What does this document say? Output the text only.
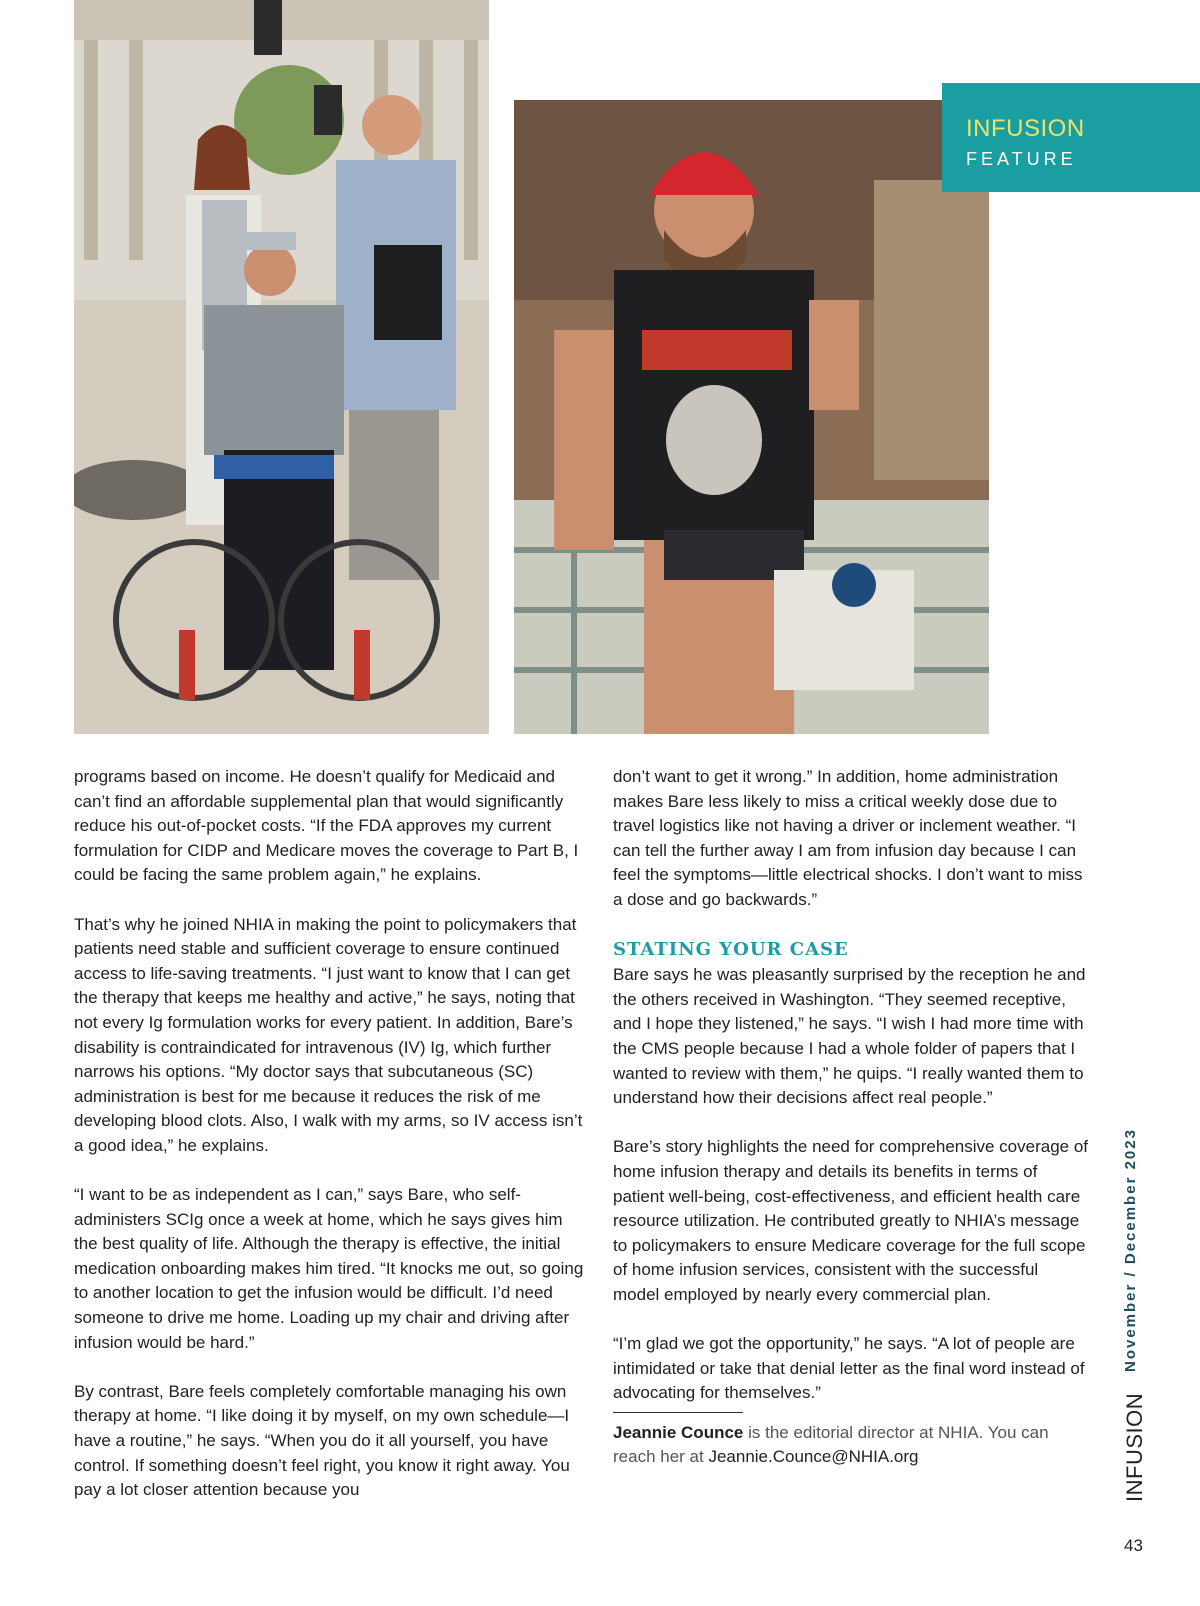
INFUSION
FEATURE

programs based on income. He doesn’t qualify for Medicaid and can’t find an affordable supplemental plan that would significantly reduce his out-of-pocket costs. “If the FDA approves my current formulation for CIDP and Medicare moves the coverage to Part B, I could be facing the same problem again,” he explains.

That’s why he joined NHIA in making the point to policymakers that patients need stable and sufficient coverage to ensure continued access to life-saving treatments. “I just want to know that I can get the therapy that keeps me healthy and active,” he says, noting that not every Ig formulation works for every patient. In addition, Bare’s disability is contraindicated for intravenous (IV) Ig, which further narrows his options. “My doctor says that subcutaneous (SC) administration is best for me because it reduces the risk of me developing blood clots. Also, I walk with my arms, so IV access isn’t a good idea,” he explains.

“I want to be as independent as I can,” says Bare, who self-administers SCIg once a week at home, which he says gives him the best quality of life. Although the therapy is effective, the initial medication onboarding makes him tired. “It knocks me out, so going to another location to get the infusion would be difficult. I’d need someone to drive me home. Loading up my chair and driving after infusion would be hard.”

By contrast, Bare feels completely comfortable managing his own therapy at home. “I like doing it by myself, on my own schedule—I have a routine,” he says. “When you do it all yourself, you have control. If something doesn’t feel right, you know it right away. You pay a lot closer attention because you

don’t want to get it wrong.” In addition, home administration makes Bare less likely to miss a critical weekly dose due to travel logistics like not having a driver or inclement weather. “I can tell the further away I am from infusion day because I can feel the symptoms—little electrical shocks. I don’t want to miss a dose and go backwards.”

STATING YOUR CASE

Bare says he was pleasantly surprised by the reception he and the others received in Washington. “They seemed receptive, and I hope they listened,” he says. “I wish I had more time with the CMS people because I had a whole folder of papers that I wanted to review with them,” he quips. “I really wanted them to understand how their decisions affect real people.”

Bare’s story highlights the need for comprehensive coverage of home infusion therapy and details its benefits in terms of patient well-being, cost-effectiveness, and efficient health care resource utilization. He contributed greatly to NHIA’s message to policymakers to ensure Medicare coverage for the full scope of home infusion services, consistent with the successful model employed by nearly every commercial plan.

“I’m glad we got the opportunity,” he says. “A lot of people are intimidated or take that denial letter as the final word instead of advocating for themselves.”

Jeannie Counce is the editorial director at NHIA. You can reach her at Jeannie.Counce@NHIA.org

November / December 2023
INFUSION
43
